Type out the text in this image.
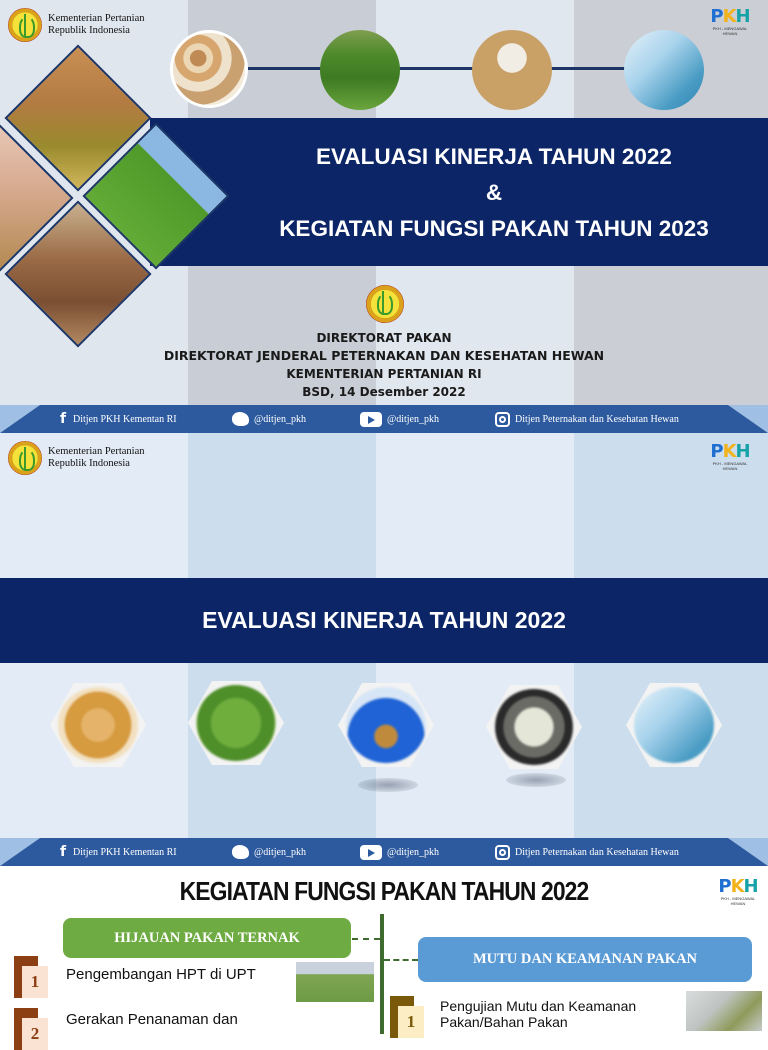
Kementerian Pertanian
Republik Indonesia
PKH
PKH - MENGAWAL HEWAN
EVALUASI KINERJA TAHUN 2022
&
KEGIATAN FUNGSI PAKAN TAHUN 2023
DIREKTORAT PAKAN
DIREKTORAT JENDERAL PETERNAKAN DAN KESEHATAN HEWAN
KEMENTERIAN PERTANIAN RI
BSD, 14 Desember 2022
f Ditjen PKH Kementan RI	@ditjen_pkh	@ditjen_pkh	Ditjen Peternakan dan Kesehatan Hewan
Kementerian Pertanian
Republik Indonesia
PKH
PKH - MENGAWAL HEWAN
EVALUASI KINERJA TAHUN 2022
f Ditjen PKH Kementan RI	@ditjen_pkh	@ditjen_pkh	Ditjen Peternakan dan Kesehatan Hewan
KEGIATAN FUNGSI PAKAN TAHUN 2022	PKH
PKH - MENGAWAL HEWAN
HIJAUAN PAKAN TERNAK
1	Pengembangan HPT di UPT
2
Gerakan Penanaman dan
MUTU DAN KEAMANAN PAKAN
1
Pengujian Mutu dan Keamanan
Pakan/Bahan Pakan
